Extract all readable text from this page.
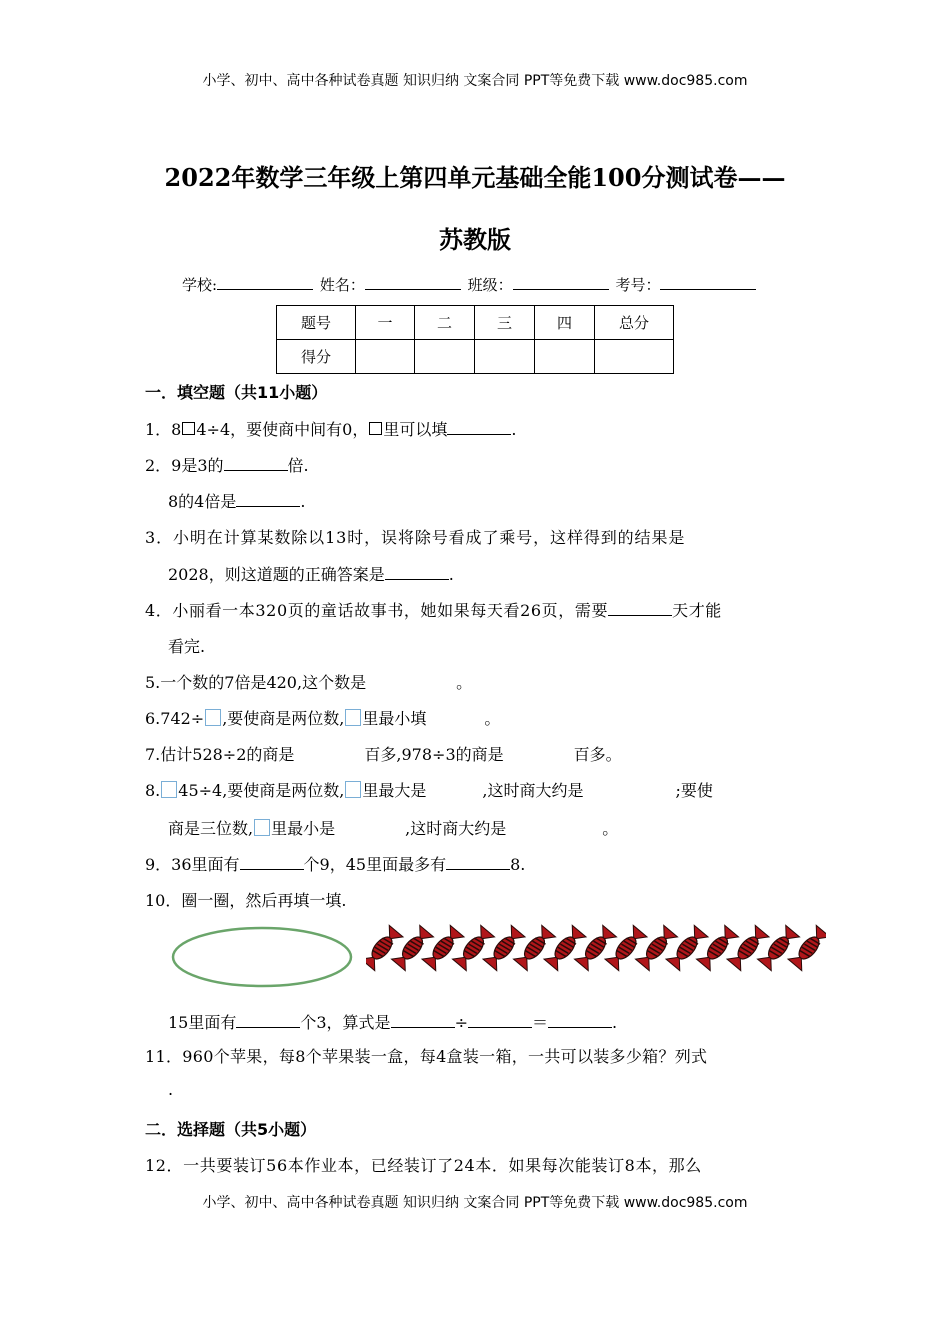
小学、初中、高中各种试卷真题 知识归纳 文案合同 PPT等免费下载 www.doc985.com
2022年数学三年级上第四单元基础全能100分测试卷——
苏教版
学校:	姓名：	班级：	考号：
题号	一	二	三	四	总分
得分					
一．填空题（共11小题）
1．8 4÷4，要使商中间有0， 里可以填	.
2．9是3的	倍.
8的4倍是	.
3．小明在计算某数除以13时，误将除号看成了乘号，这样得到的结果是
2028，则这道题的正确答案是	.
4．小丽看一本320页的童话故事书，她如果每天看26页，需要	天才能
看完.
5.一个数的7倍是420,这个数是	。
6.742÷ ,要使商是两位数, 里最小填	。
7.估计528÷2的商是	百多,978÷3的商是	百多。
8. 45÷4,要使商是两位数, 里最大是	,这时商大约是	;要使
商是三位数, 里最小是	,这时商大约是	。
9．36里面有	个9，45里面最多有	8.
10．圈一圈，然后再填一填.
15里面有	个3，算式是	÷	＝	.
11．960个苹果，每8个苹果装一盒，每4盒装一箱，一共可以装多少箱？列式
.
二．选择题（共5小题）
12．一共要装订56本作业本，已经装订了24本．如果每次能装订8本，那么
小学、初中、高中各种试卷真题 知识归纳 文案合同 PPT等免费下载 www.doc985.com
